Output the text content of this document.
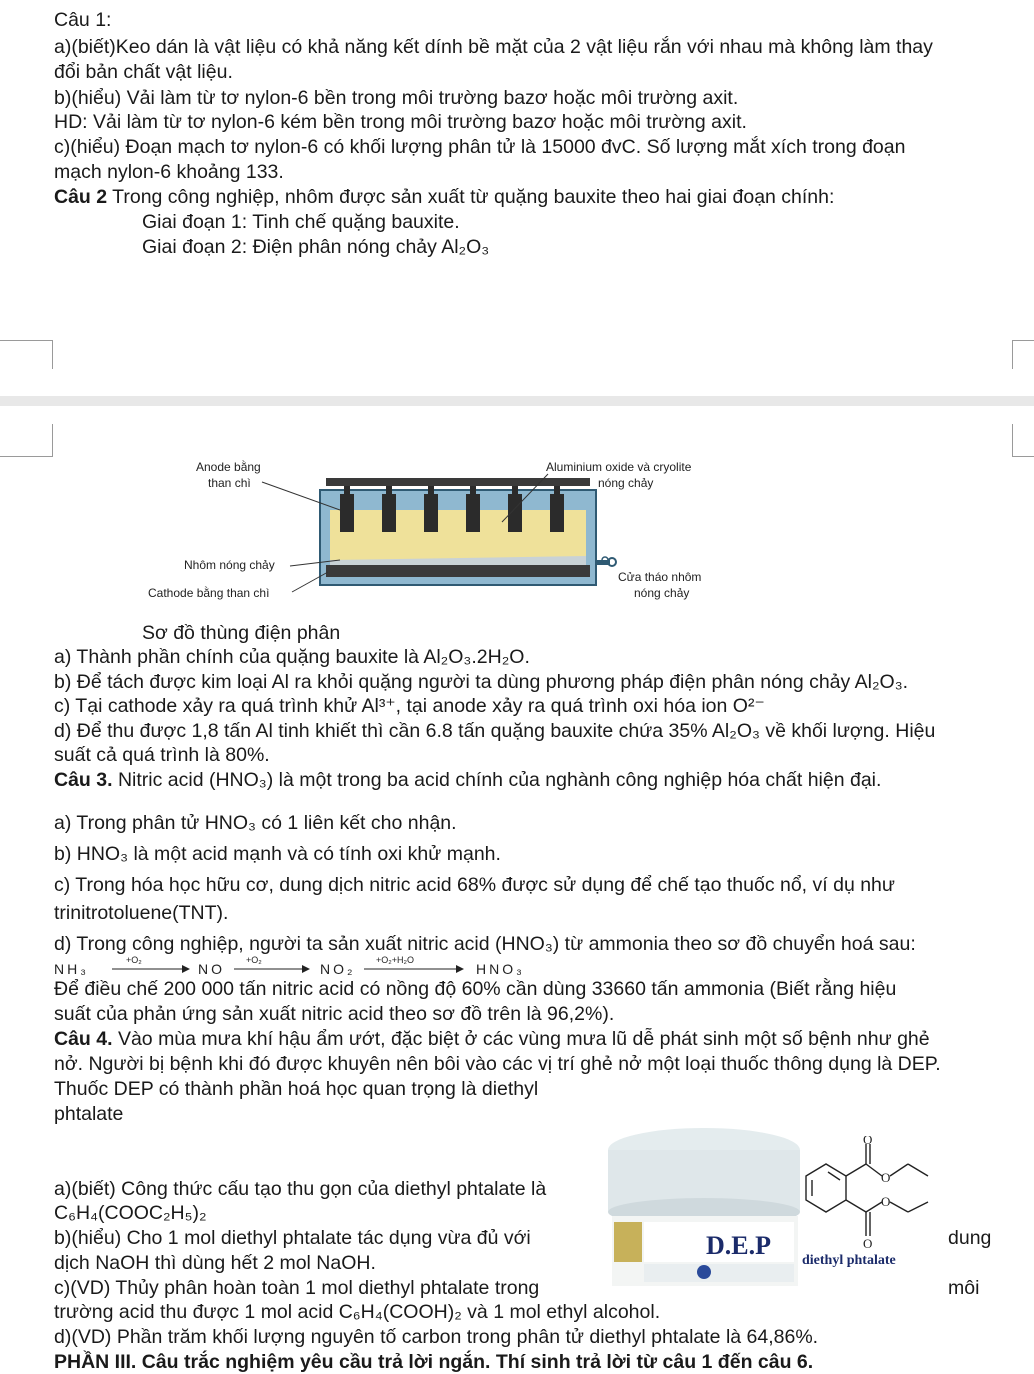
Câu 1:
a)(biết)Keo dán là vật liệu có khả năng kết dính bề mặt của 2 vật liệu rắn với nhau mà không làm thay
đổi bản chất vật liệu.
b)(hiểu) Vải làm từ tơ nylon-6 bền trong môi trường bazơ hoặc môi trường axit.
HD: Vải làm từ tơ nylon-6 kém bền trong môi trường bazơ hoặc môi trường axit.
c)(hiểu) Đoạn mạch tơ nylon-6 có khối lượng phân tử là 15000 đvC. Số lượng mắt xích trong đoạn
mạch nylon-6 khoảng 133.
Câu 2 Trong công nghiệp, nhôm được sản xuất từ quặng bauxite theo hai giai đoạn chính:
Giai đoạn 1: Tinh chế quặng bauxite.
Giai đoạn 2: Điện phân nóng chảy Al₂O₃
Anode bằng
than chì
Aluminium oxide và cryolite
nóng chảy
Nhôm nóng chảy
Cathode bằng than chì
Cửa tháo nhôm
nóng chảy
Sơ đồ thùng điện phân
a) Thành phần chính của quặng bauxite là Al₂O₃.2H₂O.
b) Để tách được kim loại Al ra khỏi quặng người ta dùng phương pháp điện phân nóng chảy Al₂O₃.
c) Tại cathode xảy ra quá trình khử Al³⁺, tại anode xảy ra quá trình oxi hóa ion O²⁻
d) Để thu được 1,8 tấn Al tinh khiết thì cần 6.8 tấn quặng bauxite chứa 35% Al₂O₃ về khối lượng. Hiệu
suất cả quá trình là 80%.
Câu 3. Nitric acid (HNO₃) là một trong ba acid chính của nghành công nghiệp hóa chất hiện đại.
a) Trong phân tử HNO₃ có 1 liên kết cho nhận.
b) HNO₃ là một acid mạnh và có tính oxi khử mạnh.
c) Trong hóa học hữu cơ, dung dịch nitric acid 68% được sử dụng để chế tạo thuốc nổ, ví dụ như
trinitrotoluene(TNT).
d) Trong công nghiệp, người ta sản xuất nitric acid (HNO₃) từ ammonia theo sơ đồ chuyển hoá sau:
NH₃
+O₂
NO
+O₂
NO₂
+O₂+H₂O
HNO₃
Để điều chế 200 000 tấn nitric acid có nồng độ 60% cần dùng 33660 tấn ammonia (Biết rằng hiệu
suất của phản ứng sản xuất nitric acid theo sơ đồ trên là 96,2%).
Câu 4. Vào mùa mưa khí hậu ẩm ướt, đặc biệt ở các vùng mưa lũ dễ phát sinh một số bệnh như ghẻ
nở. Người bị bệnh khi đó được khuyên nên bôi vào các vị trí ghẻ nở một loại thuốc thông dụng là DEP.
Thuốc DEP có thành phần hoá học quan trọng là diethyl
phtalate
D.E.P
O
O
O
O
diethyl phtalate
a)(biết) Công thức cấu tạo thu gọn của diethyl phtalate là
C₆H₄(COOC₂H₅)₂
b)(hiểu) Cho 1 mol diethyl phtalate tác dụng vừa đủ với	dung
dịch NaOH thì dùng hết 2 mol NaOH.
c)(VD) Thủy phân hoàn toàn 1 mol diethyl phtalate trong	môi
trường acid thu được 1 mol acid C₆H₄(COOH)₂ và 1 mol ethyl alcohol.
d)(VD) Phần trăm khối lượng nguyên tố carbon trong phân tử diethyl phtalate là 64,86%.
PHẦN III. Câu trắc nghiệm yêu cầu trả lời ngắn. Thí sinh trả lời từ câu 1 đến câu 6.
